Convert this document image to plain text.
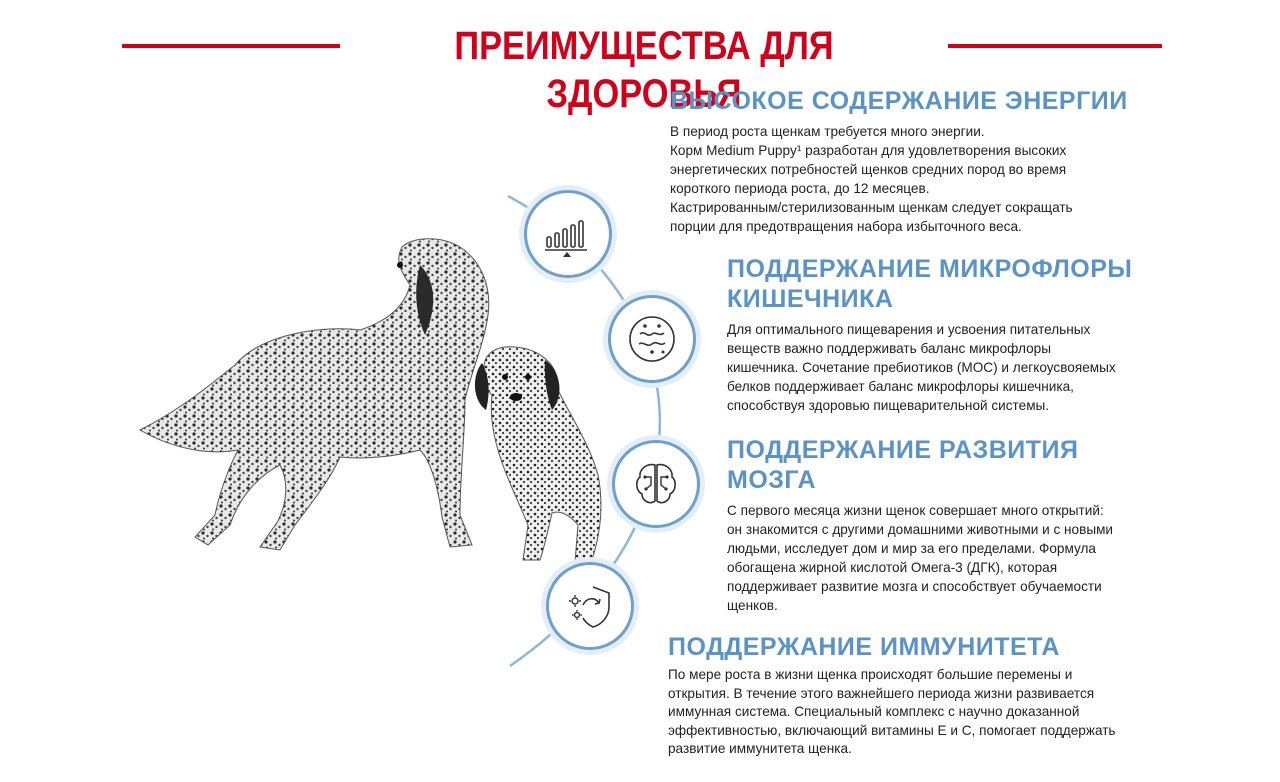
ПРЕИМУЩЕСТВА ДЛЯ ЗДОРОВЬЯ
ВЫСОКОЕ СОДЕРЖАНИЕ ЭНЕРГИИ

В период роста щенкам требуется много энергии.

Корм Medium Puppy¹ разработан для удовлетворения высоких

энергетических потребностей щенков средних пород во время

короткого периода роста, до 12 месяцев.

Кастрированным/стерилизованным щенкам следует сокращать

порции для предотвращения набора избыточного веса.

ПОДДЕРЖАНИЕ МИКРОФЛОРЫ
КИШЕЧНИКА

Для оптимального пищеварения и усвоения питательных

веществ важно поддерживать баланс микрофлоры

кишечника. Сочетание пребиотиков (МОС) и легкоусвояемых

белков поддерживает баланс микрофлоры кишечника,

способствуя здоровью пищеварительной системы.

ПОДДЕРЖАНИЕ РАЗВИТИЯ
МОЗГА

С первого месяца жизни щенок совершает много открытий:

он знакомится с другими домашними животными и с новыми

людьми, исследует дом и мир за его пределами. Формула

обогащена жирной кислотой Омега-3 (ДГК), которая

поддерживает развитие мозга и способствует обучаемости

щенков.

ПОДДЕРЖАНИЕ ИММУНИТЕТА

По мере роста в жизни щенка происходят большие перемены и

открытия. В течение этого важнейшего периода жизни развивается

иммунная система. Специальный комплекс с научно доказанной

эффективностью, включающий витамины Е и С, помогает поддержать

развитие иммунитета щенка.
